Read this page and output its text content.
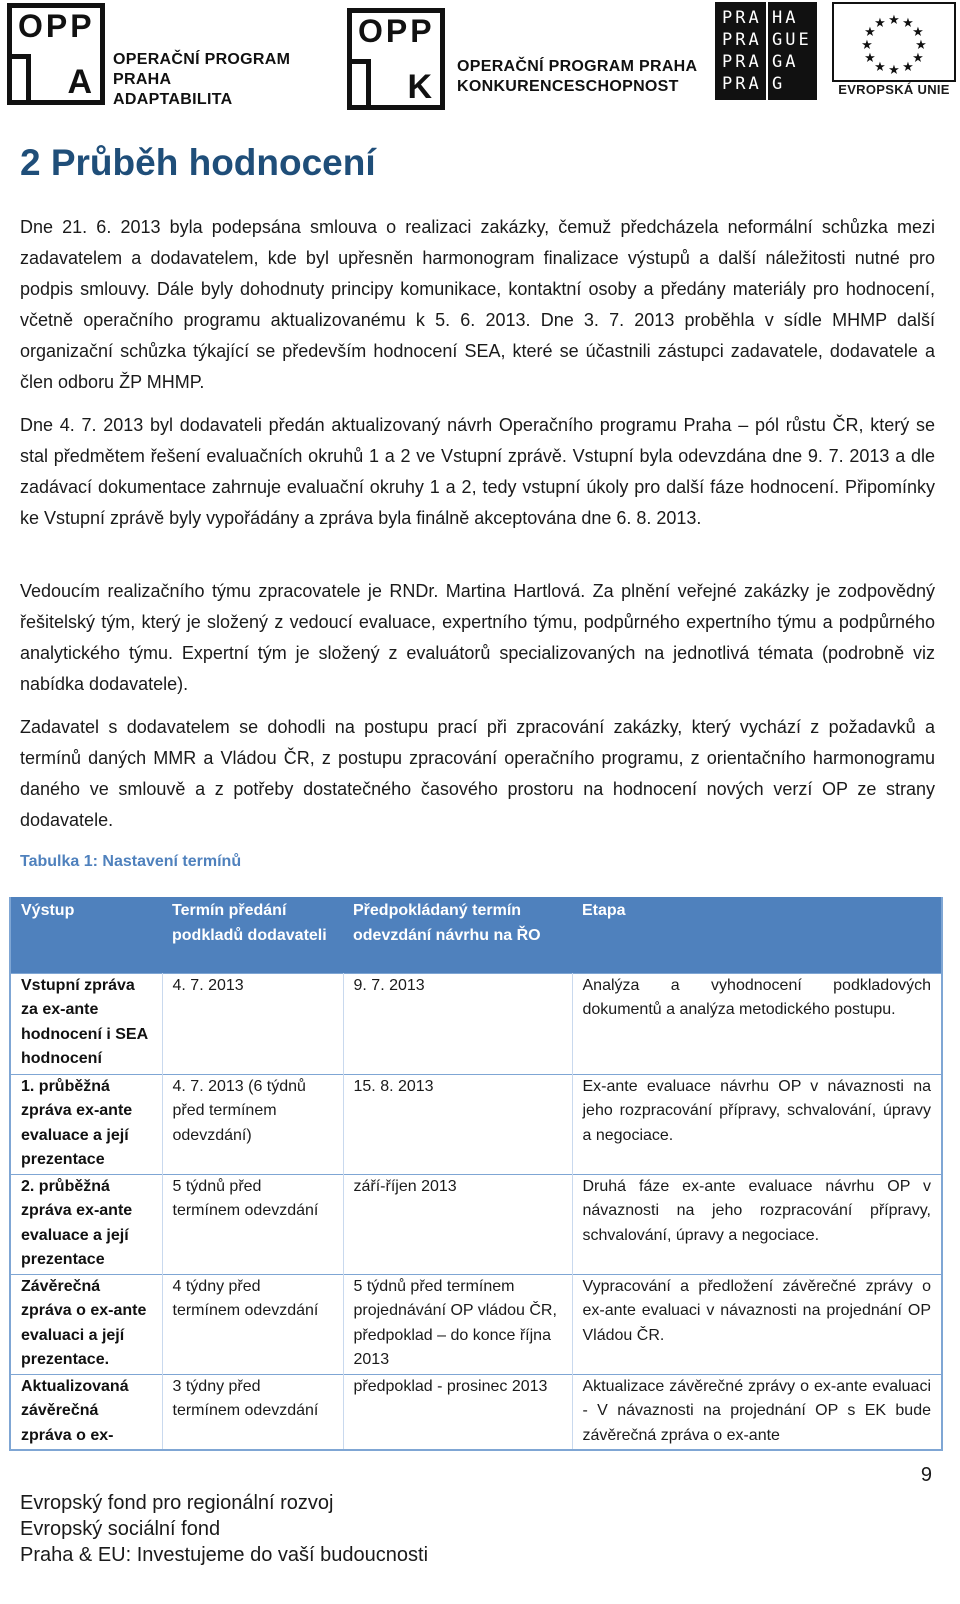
OPP
A
OPERAČNÍ PROGRAM PRAHA
ADAPTABILITA
OPP
K
OPERAČNÍ PROGRAM PRAHA
KONKURENCESCHOPNOST
PRA HA
PRA GUE
PRA GA
PRA G
★ ★
★
★
★
★
★
★
★
★
★
★
EVROPSKÁ UNIE
2 Průběh hodnocení

Dne 21. 6. 2013 byla podepsána smlouva o realizaci zakázky, čemuž předcházela neformální schůzka mezi zadavatelem a dodavatelem, kde byl upřesněn harmonogram finalizace výstupů a další náležitosti nutné pro podpis smlouvy. Dále byly dohodnuty principy komunikace, kontaktní osoby a předány materiály pro hodnocení, včetně operačního programu aktualizovanému k 5. 6. 2013. Dne 3. 7. 2013 proběhla v sídle MHMP další organizační schůzka týkající se především hodnocení SEA, které se účastnili zástupci zadavatele, dodavatele a člen odboru ŽP MHMP.

Dne 4. 7. 2013 byl dodavateli předán aktualizovaný návrh Operačního programu Praha – pól růstu ČR, který se stal předmětem řešení evaluačních okruhů 1 a 2 ve Vstupní zprávě. Vstupní byla odevzdána dne 9. 7. 2013 a dle zadávací dokumentace zahrnuje evaluační okruhy 1 a 2, tedy vstupní úkoly pro další fáze hodnocení. Připomínky ke Vstupní zprávě byly vypořádány a zpráva byla finálně akceptována dne 6. 8. 2013.

Vedoucím realizačního týmu zpracovatele je RNDr. Martina Hartlová. Za plnění veřejné zakázky je zodpovědný řešitelský tým, který je složený z vedoucí evaluace, expertního týmu, podpůrného expertního týmu a podpůrného analytického týmu. Expertní tým je složený z evaluátorů specializovaných na jednotlivá témata (podrobně viz nabídka dodavatele).

Zadavatel s dodavatelem se dohodli na postupu prací při zpracování zakázky, který vychází z požadavků a termínů daných MMR a Vládou ČR, z postupu zpracování operačního programu, z orientačního harmonogramu daného ve smlouvě a z potřeby dostatečného časového prostoru na hodnocení nových verzí OP ze strany dodavatele.

Tabulka 1: Nastavení termínů

Výstup	Termín předání podkladů dodavateli	Předpokládaný termín odevzdání návrhu na ŘO	Etapa
Vstupní zpráva za ex-ante hodnocení i SEA hodnocení	4. 7. 2013	9. 7. 2013	Analýza a vyhodnocení podkladových dokumentů a analýza metodického postupu.
1. průběžná zpráva ex-ante evaluace a její prezentace	4. 7. 2013 (6 týdnů před termínem odevzdání)	15. 8. 2013	Ex-ante evaluace návrhu OP v návaznosti na jeho rozpracování přípravy, schvalování, úpravy a negociace.
2. průběžná zpráva ex-ante evaluace a její prezentace	5 týdnů před termínem odevzdání	září-říjen 2013	Druhá fáze ex-ante evaluace návrhu OP v návaznosti na jeho rozpracování přípravy, schvalování, úpravy a negociace.
Závěrečná zpráva o ex-ante evaluaci a její prezentace.	4 týdny před termínem odevzdání	5 týdnů před termínem projednávání OP vládou ČR, předpoklad – do konce října 2013	Vypracování a předložení závěrečné zprávy o ex-ante evaluaci v návaznosti na projednání OP Vládou ČR.
Aktualizovaná závěrečná zpráva o ex-	3 týdny před termínem odevzdání	předpoklad - prosinec 2013	Aktualizace závěrečné zprávy o ex-ante evaluaci - V návaznosti na projednání OP s EK bude závěrečná zpráva o ex-ante
9
Evropský fond pro regionální rozvoj
Evropský sociální fond
Praha & EU: Investujeme do vaší budoucnosti
